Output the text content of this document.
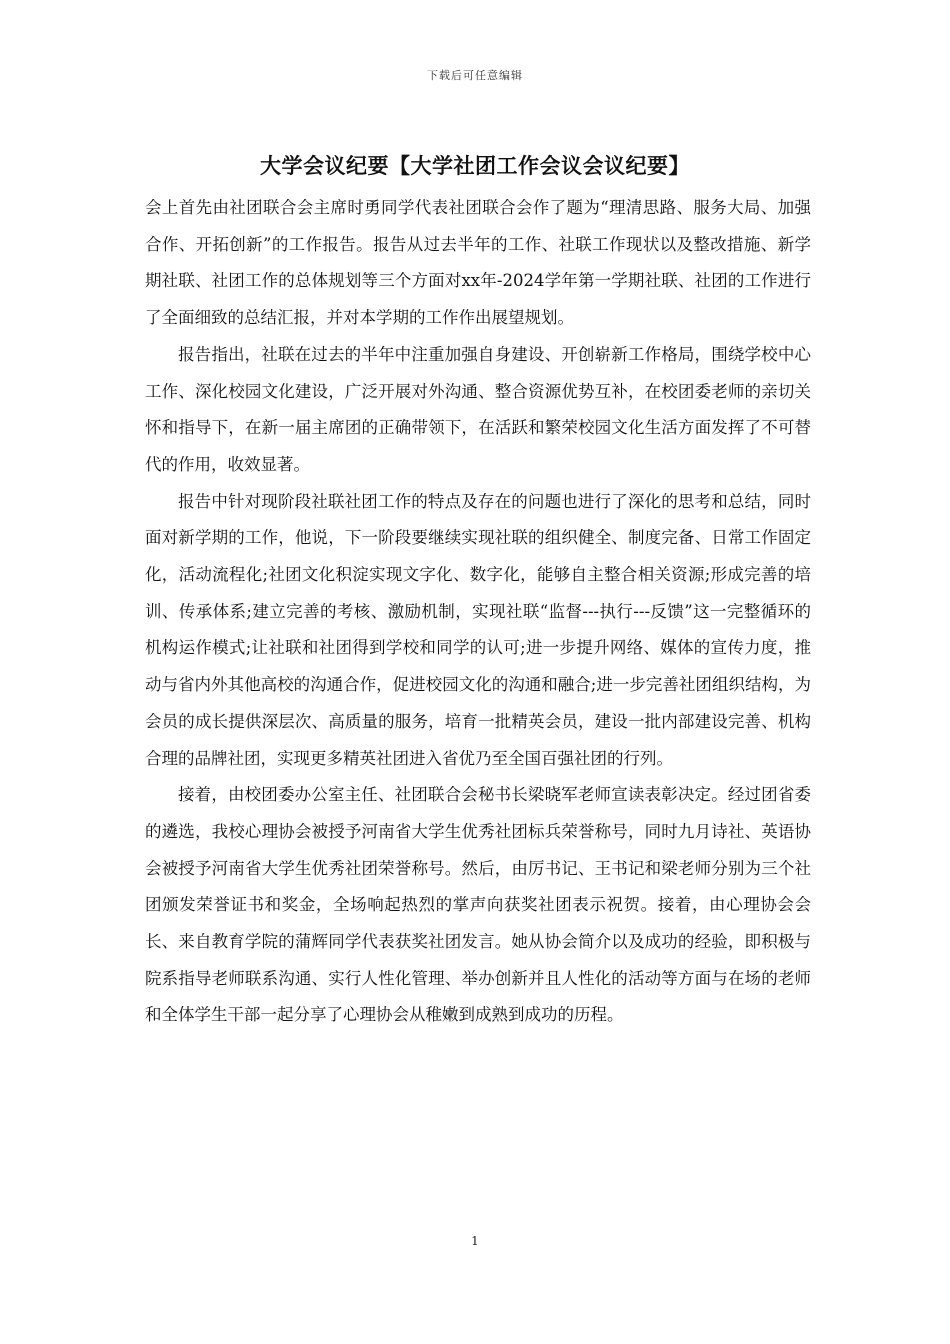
下载后可任意编辑
大学会议纪要【大学社团工作会议会议纪要】

会上首先由社团联合会主席时勇同学代表社团联合会作了题为“理清思路、服务大局、加强合作、开拓创新”的工作报告。报告从过去半年的工作、社联工作现状以及整改措施、新学期社联、社团工作的总体规划等三个方面对xx年-2024学年第一学期社联、社团的工作进行了全面细致的总结汇报，并对本学期的工作作出展望规划。

报告指出，社联在过去的半年中注重加强自身建设、开创崭新工作格局，围绕学校中心工作、深化校园文化建设，广泛开展对外沟通、整合资源优势互补，在校团委老师的亲切关怀和指导下，在新一届主席团的正确带领下，在活跃和繁荣校园文化生活方面发挥了不可替代的作用，收效显著。

报告中针对现阶段社联社团工作的特点及存在的问题也进行了深化的思考和总结，同时面对新学期的工作，他说，下一阶段要继续实现社联的组织健全、制度完备、日常工作固定化，活动流程化;社团文化积淀实现文字化、数字化，能够自主整合相关资源;形成完善的培训、传承体系;建立完善的考核、激励机制，实现社联“监督---执行---反馈”这一完整循环的机构运作模式;让社联和社团得到学校和同学的认可;进一步提升网络、媒体的宣传力度，推动与省内外其他高校的沟通合作，促进校园文化的沟通和融合;进一步完善社团组织结构，为会员的成长提供深层次、高质量的服务，培育一批精英会员，建设一批内部建设完善、机构合理的品牌社团，实现更多精英社团进入省优乃至全国百强社团的行列。

接着，由校团委办公室主任、社团联合会秘书长梁晓军老师宣读表彰决定。经过团省委的遴选，我校心理协会被授予河南省大学生优秀社团标兵荣誉称号，同时九月诗社、英语协会被授予河南省大学生优秀社团荣誉称号。然后，由厉书记、王书记和梁老师分别为三个社团颁发荣誉证书和奖金，全场响起热烈的掌声向获奖社团表示祝贺。接着，由心理协会会长、来自教育学院的蒲辉同学代表获奖社团发言。她从协会简介以及成功的经验，即积极与院系指导老师联系沟通、实行人性化管理、举办创新并且人性化的活动等方面与在场的老师和全体学生干部一起分享了心理协会从稚嫩到成熟到成功的历程。

1
